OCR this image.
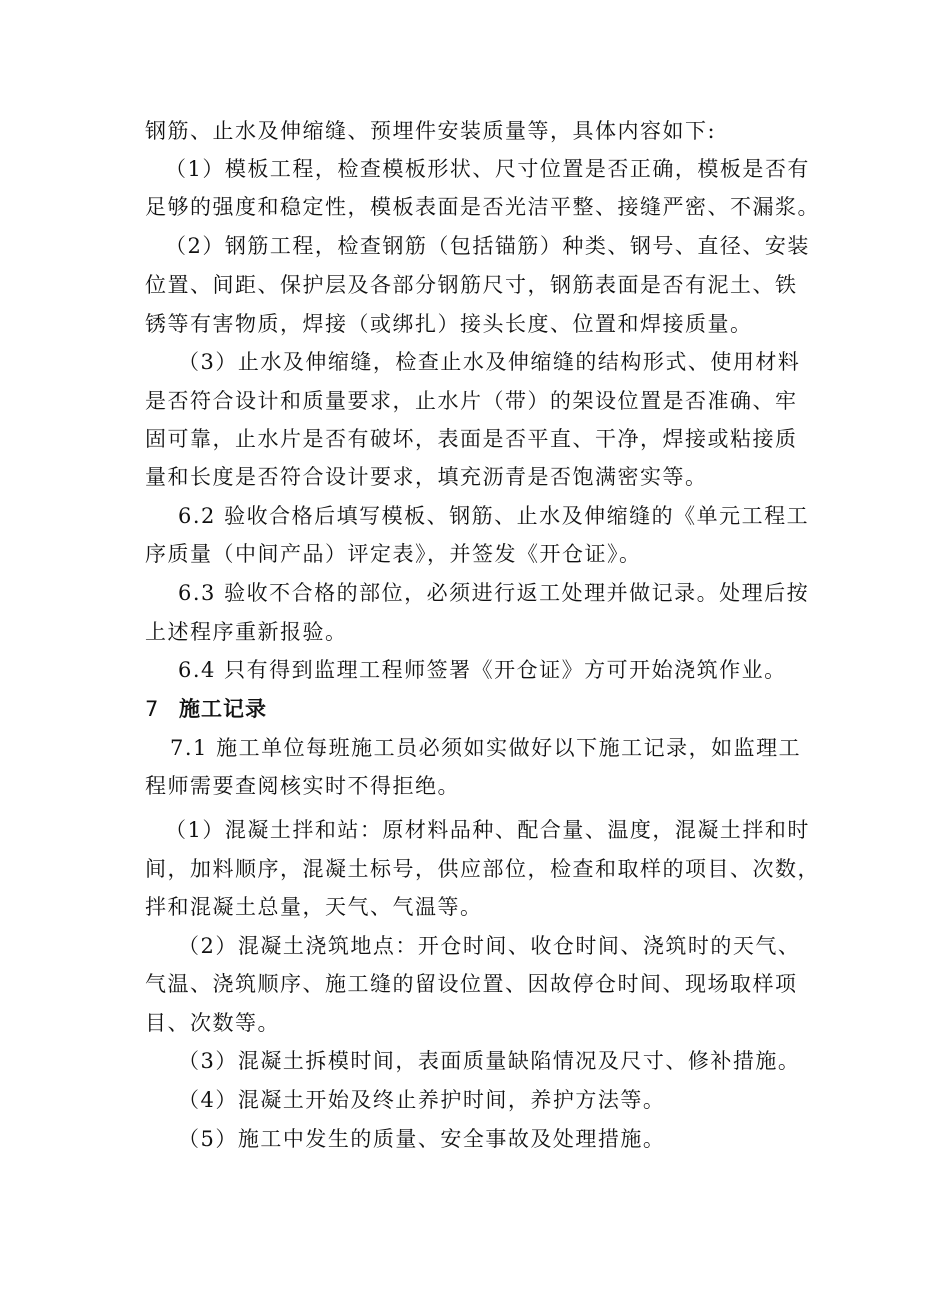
钢筋、止水及伸缩缝、预埋件安装质量等，具体内容如下:
（1）模板工程，检查模板形状、尺寸位置是否正确，模板是否有
足够的强度和稳定性，模板表面是否光洁平整、接缝严密、不漏浆。
（2）钢筋工程，检查钢筋（包括锚筋）种类、钢号、直径、安装
位置、间距、保护层及各部分钢筋尺寸，钢筋表面是否有泥土、铁
锈等有害物质，焊接（或绑扎）接头长度、位置和焊接质量。
（3）止水及伸缩缝，检查止水及伸缩缝的结构形式、使用材料
是否符合设计和质量要求，止水片（带）的架设位置是否准确、牢
固可靠，止水片是否有破坏，表面是否平直、干净，焊接或粘接质
量和长度是否符合设计要求，填充沥青是否饱满密实等。
6.2 验收合格后填写模板、钢筋、止水及伸缩缝的《单元工程工
序质量（中间产品）评定表》，并签发《开仓证》。
6.3 验收不合格的部位，必须进行返工处理并做记录。处理后按
上述程序重新报验。
6.4 只有得到监理工程师签署《开仓证》方可开始浇筑作业。
7 施工记录
7.1 施工单位每班施工员必须如实做好以下施工记录，如监理工
程师需要查阅核实时不得拒绝。
（1）混凝土拌和站：原材料品种、配合量、温度，混凝土拌和时
间，加料顺序，混凝土标号，供应部位，检查和取样的项目、次数，
拌和混凝土总量，天气、气温等。
（2）混凝土浇筑地点：开仓时间、收仓时间、浇筑时的天气、
气温、浇筑顺序、施工缝的留设位置、因故停仓时间、现场取样项
目、次数等。
（3）混凝土拆模时间，表面质量缺陷情况及尺寸、修补措施。
（4）混凝土开始及终止养护时间，养护方法等。
（5）施工中发生的质量、安全事故及处理措施。
